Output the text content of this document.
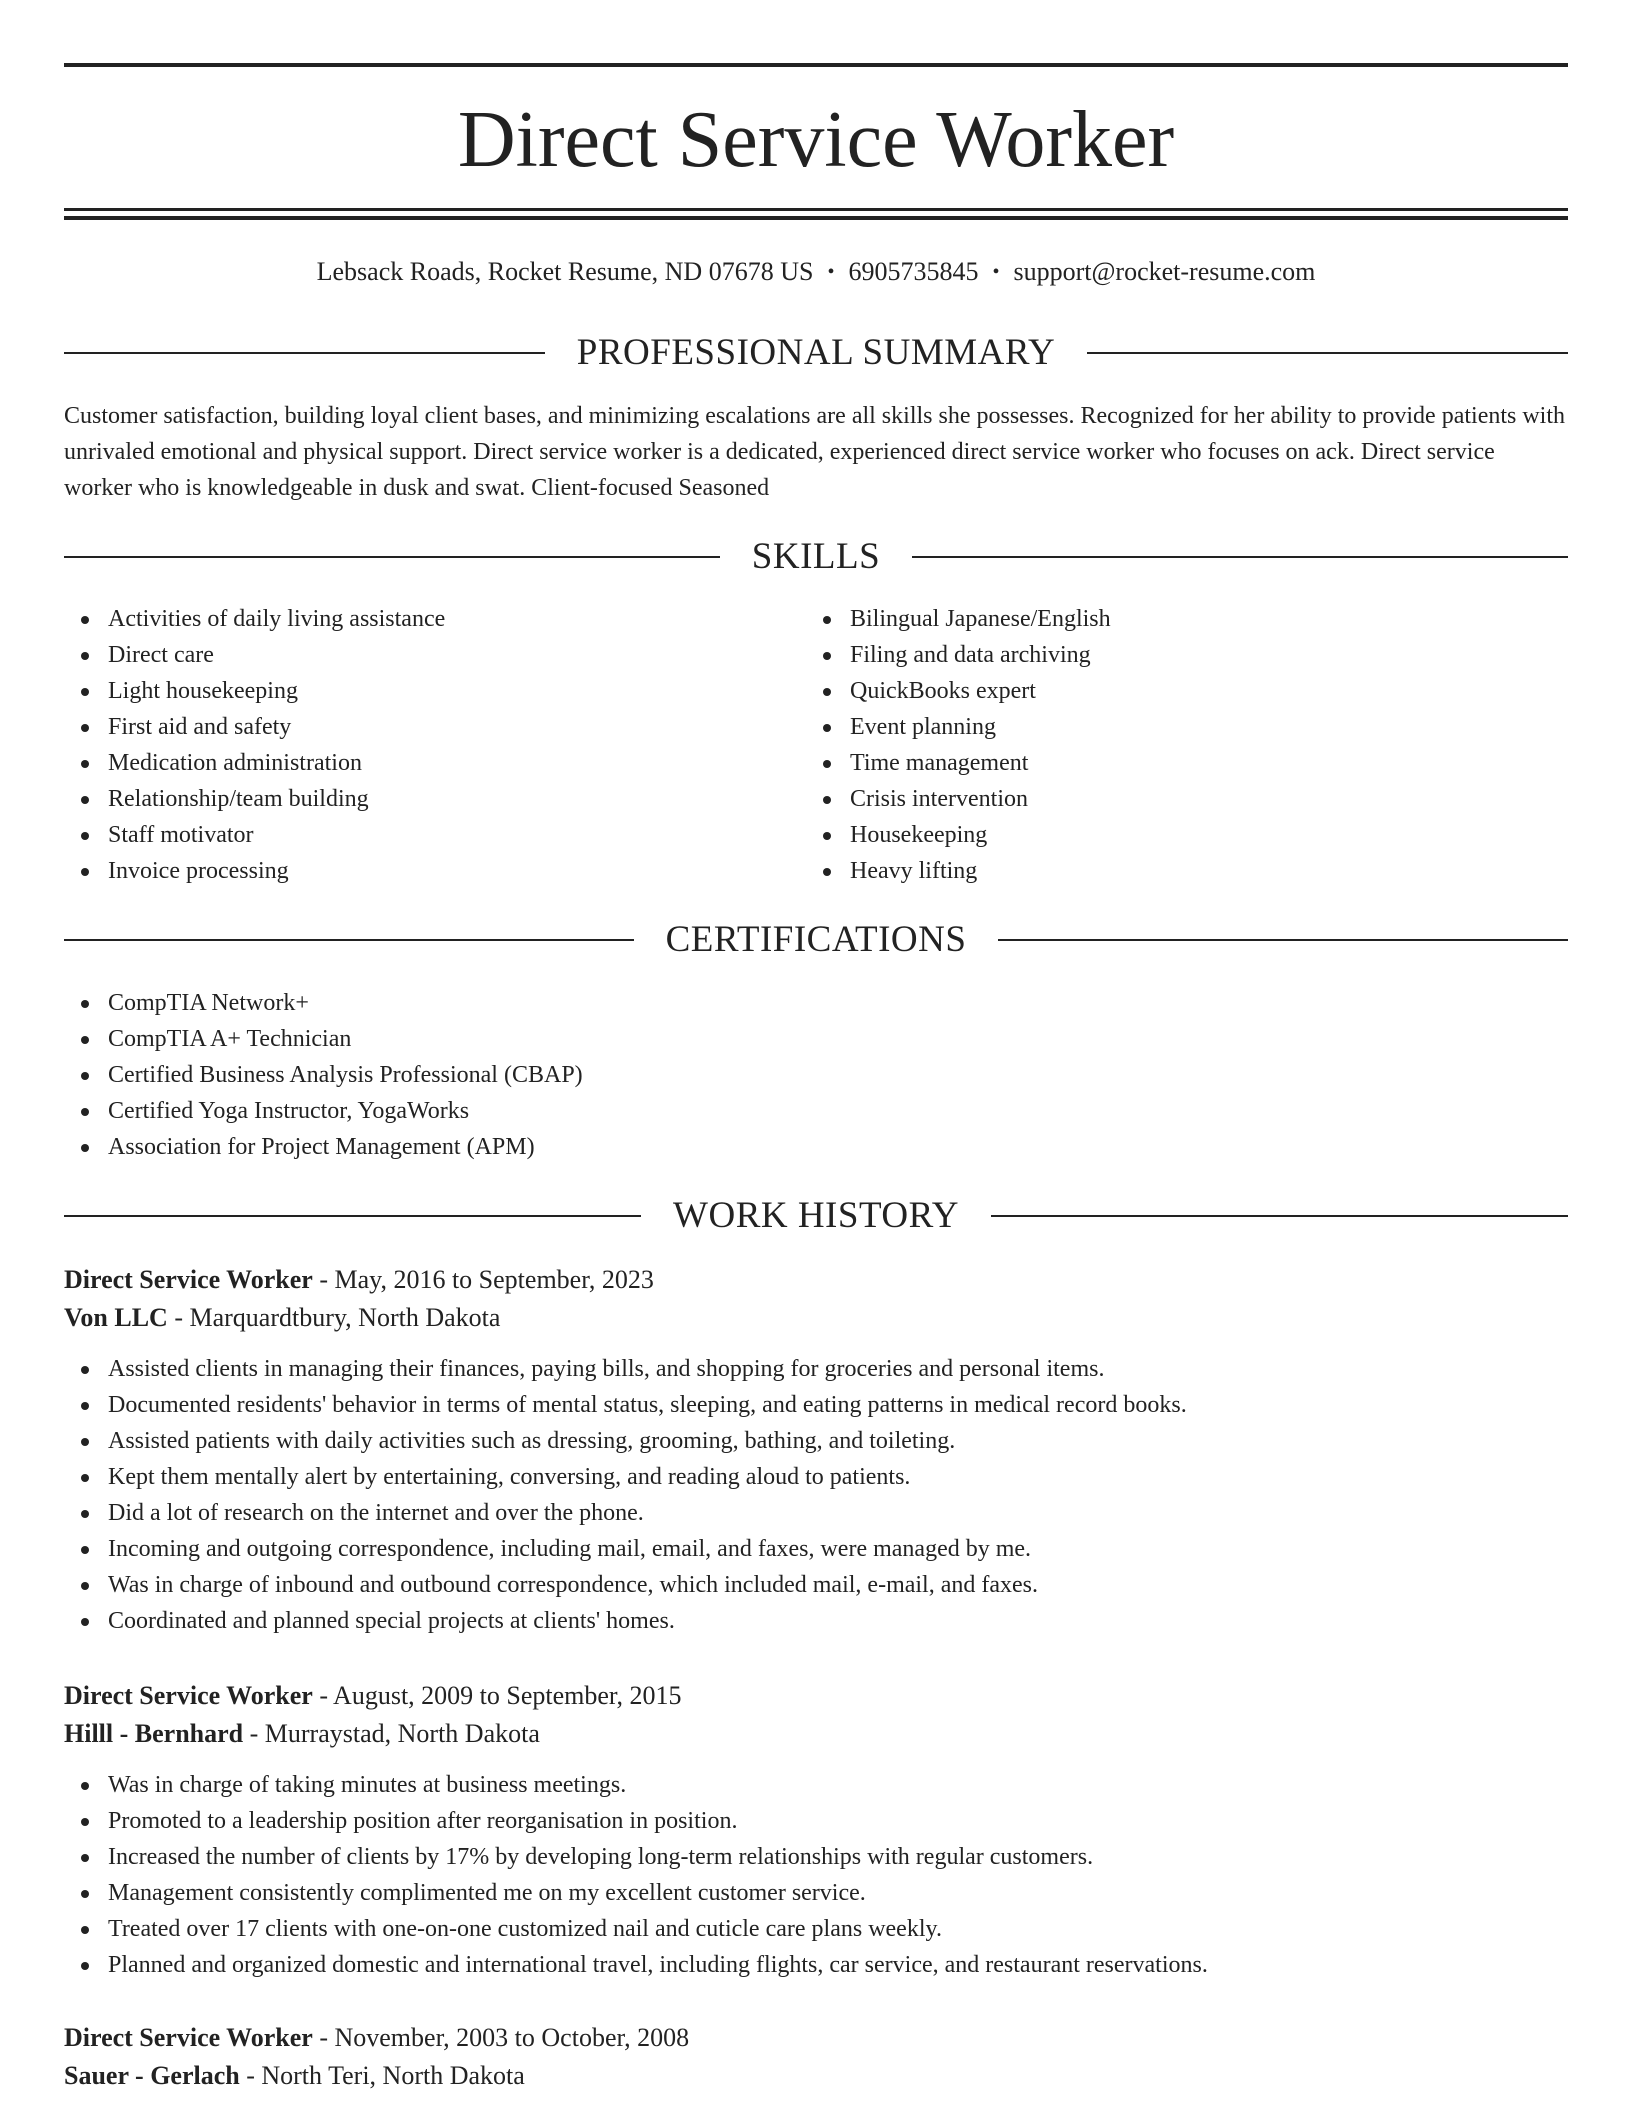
Direct Service Worker
Lebsack Roads, Rocket Resume, ND 07678 US • 6905735845 • support@rocket-resume.com
PROFESSIONAL SUMMARY

Customer satisfaction, building loyal client bases, and minimizing escalations are all skills she possesses. Recognized for her ability to provide patients with unrivaled emotional and physical support. Direct service worker is a dedicated, experienced direct service worker who focuses on ack. Direct service worker who is knowledgeable in dusk and swat. Client-focused Seasoned

SKILLS
Activities of daily living assistance
Direct care
Light housekeeping
First aid and safety
Medication administration
Relationship/team building
Staff motivator
Invoice processing
Bilingual Japanese/English
Filing and data archiving
QuickBooks expert
Event planning
Time management
Crisis intervention
Housekeeping
Heavy lifting
CERTIFICATIONS
CompTIA Network+
CompTIA A+ Technician
Certified Business Analysis Professional (CBAP)
Certified Yoga Instructor, YogaWorks
Association for Project Management (APM)
WORK HISTORY
Direct Service Worker - May, 2016 to September, 2023
Von LLC - Marquardtbury, North Dakota
Assisted clients in managing their finances, paying bills, and shopping for groceries and personal items.
Documented residents' behavior in terms of mental status, sleeping, and eating patterns in medical record books.
Assisted patients with daily activities such as dressing, grooming, bathing, and toileting.
Kept them mentally alert by entertaining, conversing, and reading aloud to patients.
Did a lot of research on the internet and over the phone.
Incoming and outgoing correspondence, including mail, email, and faxes, were managed by me.
Was in charge of inbound and outbound correspondence, which included mail, e-mail, and faxes.
Coordinated and planned special projects at clients' homes.
Direct Service Worker - August, 2009 to September, 2015
Hilll - Bernhard - Murraystad, North Dakota
Was in charge of taking minutes at business meetings.
Promoted to a leadership position after reorganisation in position.
Increased the number of clients by 17% by developing long-term relationships with regular customers.
Management consistently complimented me on my excellent customer service.
Treated over 17 clients with one-on-one customized nail and cuticle care plans weekly.
Planned and organized domestic and international travel, including flights, car service, and restaurant reservations.
Direct Service Worker - November, 2003 to October, 2008
Sauer - Gerlach - North Teri, North Dakota
